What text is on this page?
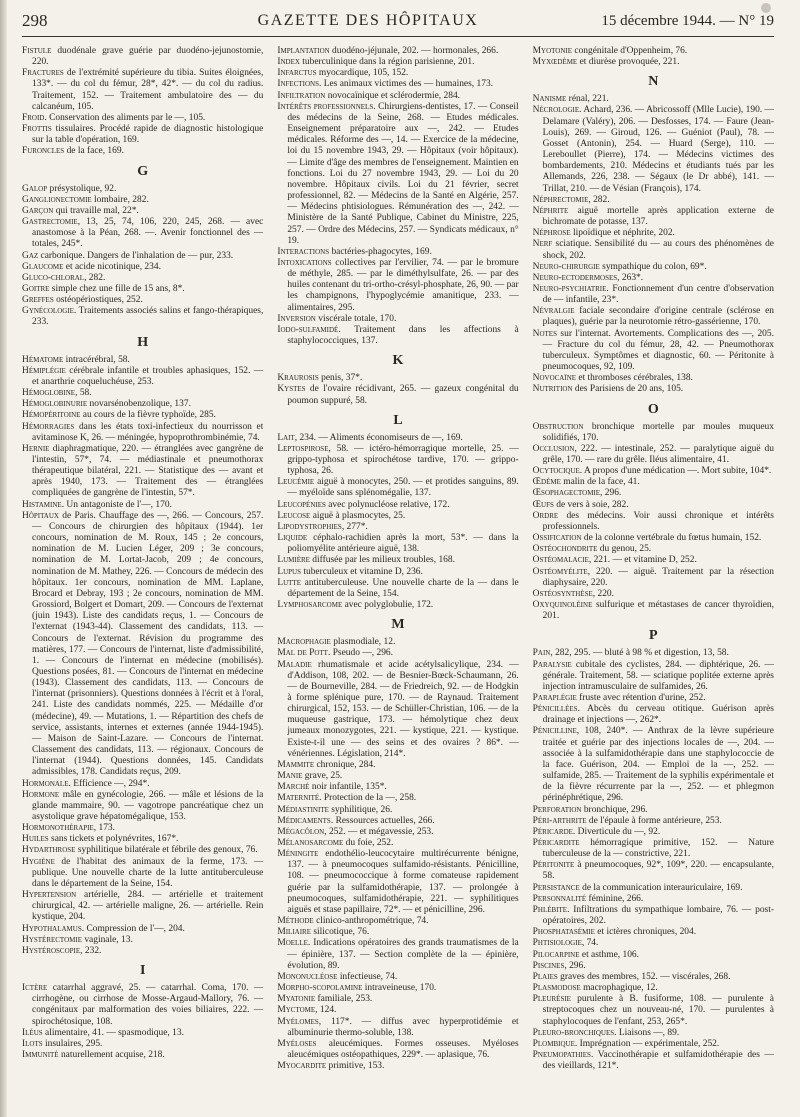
298	GAZETTE DES HÔPITAUX	15 décembre 1944. — N° 19

Fistule duodénale grave guérie par duodéno-jejunostomie, 220.

Fractures de l'extrémité supérieure du tibia. Suites éloignées, 133*. — du col du fémur, 28*, 42*. — du col du radius. Traitement, 152. — Traitement ambulatoire des — du calcanéum, 105.

Froid. Conservation des aliments par le —, 105.

Frottis tissulaires. Procédé rapide de diagnostic histologique sur la table d'opération, 169.

Furoncles de la face, 169.

G

Galop présystolique, 92.

Ganglionectomie lombaire, 282.

Garçon qui travaille mal, 22*.

Gastrectomie, 13, 25, 74, 106, 220, 245, 268. — avec anastomose à la Péan, 268. —. Avenir fonctionnel des — totales, 245*.

Gaz carbonique. Dangers de l'inhalation de — pur, 233.

Glaucome et acide nicotinique, 234.

Gluco-chloral, 282.

Goitre simple chez une fille de 15 ans, 8*.

Greffes ostéopériostiques, 252.

Gynécologie. Traitements associés salins et fango-thérapiques, 233.

H

Hématome intracérébral, 58.

Hémiplégie cérébrale infantile et troubles aphasiques, 152. — et anarthrie coqueluchéuse, 253.

Hémoglobine, 58.

Hémoglobinurie novarsénobenzolique, 137.

Hémopéritoine au cours de la fièvre typhoïde, 285.

Hémorragies dans les états toxi-infectieux du nourrisson et avitaminose K, 26. — méningée, hypoprothrombinémie, 74.

Hernie diaphragmatique, 220. — étranglées avec gangrène de l'intestin, 57*, 74. — médiastinale et pneumothorax thérapeutique bilatéral, 221. — Statistique des — avant et après 1940, 173. — Traitement des — étranglées compliquées de gangrène de l'intestin, 57*.

Histamine. Un antagoniste de l'—, 170.

Hôpitaux de Paris. Chauffage des —, 266. — Concours, 257. — Concours de chirurgien des hôpitaux (1944). 1er concours, nomination de M. Roux, 145 ; 2e concours, nomination de M. Lucien Léger, 209 ; 3e concours, nomination de M. Lortat-Jacob, 209 ; 4e concours, nomination de M. Mathey, 226. — Concours de médecin des hôpitaux. 1er concours, nomination de MM. Laplane, Brocard et Debray, 193 ; 2e concours, nomination de MM. Grossiord, Bolgert et Domart, 209. — Concours de l'externat (juin 1943). Liste des candidats reçus, 1. — Concours de l'externat (1943-44). Classement des candidats, 113. — Concours de l'externat. Révision du programme des matières, 177. — Concours de l'internat, liste d'admissibilité, 1. — Concours de l'internat en médecine (mobilisés). Questions posées, 81. — Concours de l'internat en médecine (1943). Classement des candidats, 113. — Concours de l'internat (prisonniers). Questions données à l'écrit et à l'oral, 241. Liste des candidats nommés, 225. — Médaille d'or (médecine), 49. — Mutations, 1. — Répartition des chefs de service, assistants, internes et externes (année 1944-1945). — Maison de Saint-Lazare. — Concours de l'internat. Classement des candidats, 113. — régionaux. Concours de l'internat (1944). Questions données, 145. Candidats admissibles, 178. Candidats reçus, 209.

Hormonale. Efficience —, 294*.

Hormone mâle en gynécologie, 266. — mâle et lésions de la glande mammaire, 90. — vagotrope pancréatique chez un asystolique grave hépatomégalique, 153.

Hormonothérapie, 173.

Huiles sans tickets et polynévrites, 167*.

Hydarthrose syphilitique bilatérale et fébrile des genoux, 76.

Hygiène de l'habitat des animaux de la ferme, 173. — publique. Une nouvelle charte de la lutte antituberculeuse dans le département de la Seine, 154.

Hypertension artérielle, 284. — artérielle et traitement chirurgical, 42. — artérielle maligne, 26. — artérielle. Rein kystique, 204.

Hypothalamus. Compression de l'—, 204.

Hystérectomie vaginale, 13.

Hystéroscopie, 232.

I

Ictère catarrhal aggravé, 25. — catarrhal. Coma, 170. — cirrhogène, ou cirrhose de Mosse-Argaud-Mallory, 76. — congénitaux par malformation des voies biliaires, 222. — spirochétosique, 108.

Iléus alimentaire, 41. — spasmodique, 13.

Ilots insulaires, 295.

Immunité naturellement acquise, 218.

Implantation duodéno-jéjunale, 202. — hormonales, 266.

Index tuberculinique dans la région parisienne, 201.

Infarctus myocardique, 105, 152.

Infections. Les animaux victimes des — humaines, 173.

Infiltration novocaïnique et sclérodermie, 284.

Intérêts professionnels. Chirurgiens-dentistes, 17. — Conseil des médecins de la Seine, 268. — Etudes médicales. Enseignement préparatoire aux —, 242. — Etudes médicales. Réforme des —, 14. — Exercice de la médecine, loi du 15 novembre 1943, 29. — Hôpitaux (voir hôpitaux). — Limite d'âge des membres de l'enseignement. Maintien en fonctions. Loi du 27 novembre 1943, 29. — Loi du 20 novembre. Hôpitaux civils. Loi du 21 février, secret professionnel, 82. — Médecins de la Santé en Algérie, 257. — Médecins phtisiologues. Rémunération des —, 242. — Ministère de la Santé Publique, Cabinet du Ministre, 225, 257. — Ordre des Médecins, 257. — Syndicats médicaux, n° 19.

Interactions bactéries-phagocytes, 169.

Intoxications collectives par l'ervilier, 74. — par le bromure de méthyle, 285. — par le diméthylsulfate, 26. — par des huiles contenant du tri-ortho-crésyl-phosphate, 26, 90. — par les champignons, l'hypoglycémie amanitique, 233. — alimentaires, 295.

Inversion viscérale totale, 170.

Iodo-sulfamidé. Traitement dans les affections à staphylococciques, 137.

K

Kraurosis penis, 37*.

Kystes de l'ovaire récidivant, 265. — gazeux congénital du poumon suppuré, 58.

L

Lait, 234. — Aliments économiseurs de —, 169.

Leptospirose, 58. — ictéro-hémorragique mortelle, 25. — grippo-typhosa et spirochétose tardive, 170. — grippo-typhosa, 26.

Leucémie aiguë à monocytes, 250. — et protides sanguins, 89. — myéloïde sans splénomégalie, 137.

Leucopénies avec polynucléose relative, 172.

Leucose aiguë à plasmocytes, 25.

Lipodystrophies, 277*.

Liquide céphalo-rachidien après la mort, 53*. — dans la poliomyélite antérieure aiguë, 138.

Lumière diffusée par les milieux troubles, 168.

Lupus tuberculeux et vitamine D, 236.

Lutte antituberculeuse. Une nouvelle charte de la — dans le département de la Seine, 154.

Lymphosarcome avec polyglobulie, 172.

M

Macrophagie plasmodiale, 12.

Mal de Pott. Pseudo —, 296.

Maladie rhumatismale et acide acétylsalicylique, 234. — d'Addison, 108, 202. — de Besnier-Bœck-Schaumann, 26. — de Bourneville, 284. — de Friedreich, 92. — de Hodgkin à forme splénique pure, 170. — de Raynaud. Traitement chirurgical, 152, 153. — de Schüller-Christian, 106. — de la muqueuse gastrique, 173. — hémolytique chez deux jumeaux monozygotes, 221. — kystique, 221. — kystique. Existe-t-il une — des seins et des ovaires ? 86*. — vénériennes. Législation, 214*.

Mammite chronique, 284.

Manie grave, 25.

Marché noir infantile, 135*.

Maternité. Protection de la —, 258.

Médiastinite syphilitique, 26.

Médicaments. Ressources actuelles, 266.

Mégacôlon, 252. — et mégavessie, 253.

Mélanosarcome du foie, 252.

Méningite endothélio-leucocytaire multirécurrente bénigne, 137. — à pneumocoques sulfamido-résistants. Pénicilline, 108. — pneumococcique à forme comateuse rapidement guérie par la sulfamidothérapie, 137. — prolongée à pneumocoques, sulfamidothérapie, 221. — syphilitiques aiguës et stase papillaire, 72*. — et pénicilline, 296.

Méthode clinico-anthropométrique, 74.

Miliaire silicotique, 76.

Moelle. Indications opératoires des grands traumatismes de la — épinière, 137. — Section complète de la — épinière, évolution, 89.

Mononucléose infectieuse, 74.

Morpho-scopolamine intraveineuse, 170.

Myatonie familiale, 253.

Myctome, 124.

Myélomes, 117*. — diffus avec hyperprotidémie et albuminurie thermo-soluble, 138.

Myéloses aleucémiques. Formes osseuses. Myéloses aleucémiques ostéopathiques, 229*. — aplasique, 76.

Myocardite primitive, 153.

Myotonie congénitale d'Oppenheim, 76.

Myxœdème et diurèse provoquée, 221.

N

Nanisme rénal, 221.

Nécrologie. Achard, 236. — Abricossoff (Mlle Lucie), 190. — Delamare (Valéry), 206. — Desfosses, 174. — Faure (Jean-Louis), 269. — Giroud, 126. — Guéniot (Paul), 78. — Gosset (Antonin), 254. — Huard (Serge), 110. — Lereboullet (Pierre), 174. — Médecins victimes des bombardements, 210. Médecins et étudiants tués par les Allemands, 226, 238. — Ségaux (le Dr abbé), 141. — Trillat, 210. — de Vésian (François), 174.

Néphrectomie, 282.

Néphrite aiguë mortelle après application externe de bichromate de potasse, 137.

Néphrose lipoïdique et néphrite, 202.

Nerf sciatique. Sensibilité du — au cours des phénomènes de shock, 202.

Neuro-chirurgie sympathique du colon, 69*.

Neuro-ectodermoses, 263*.

Neuro-psychiatrie. Fonctionnement d'un centre d'observation de — infantile, 23*.

Névralgie faciale secondaire d'origine centrale (sclérose en plaques), guérie par la neurotomie rétro-gassérienne, 170.

Notes sur l'internat. Avortements. Complications des —, 205. — Fracture du col du fémur, 28, 42. — Pneumothorax tuberculeux. Symptômes et diagnostic, 60. — Péritonite à pneumocoques, 92, 109.

Novocaïne et thromboses cérébrales, 138.

Nutrition des Parisiens de 20 ans, 105.

O

Obstruction bronchique mortelle par moules muqueux solidifiés, 170.

Occlusion, 222. — intestinale, 252. — paralytique aiguë du grêle, 170. — rare du grêle. Iléus alimentaire, 41.

Ocytocique. A propos d'une médication —. Mort subite, 104*.

Œdème malin de la face, 41.

Œsophagectomie, 296.

Œufs de vers à soie, 282.

Ordre des médecins. Voir aussi chronique et intérêts professionnels.

Ossification de la colonne vertébrale du fœtus humain, 152.

Ostéochondrite du genou, 25.

Ostéomalacie, 221. — et vitamine D, 252.

Ostéomyélite, 220. — aiguë. Traitement par la résection diaphysaire, 220.

Ostéosynthèse, 220.

Oxyquinoléine sulfurique et métastases de cancer thyroïdien, 201.

P

Pain, 282, 295. — bluté à 98 % et digestion, 13, 58.

Paralysie cubitale des cyclistes, 284. — diphtérique, 26. — générale. Traitement, 58. — sciatique poplitée externe après injection intramusculaire de sulfamides, 26.

Paraplégie fruste avec rétention d'urine, 252.

Pénicillées. Abcès du cerveau otitique. Guérison après drainage et injections —, 262*.

Pénicilline, 108, 240*. — Anthrax de la lèvre supérieure traitée et guérie par des injections locales de —, 204. — associée à la sulfamidothérapie dans une staphylococcie de la face. Guérison, 204. — Emploi de la —, 252. —sulfamide, 285. — Traitement de la syphilis expérimentale et de la fièvre récurrente par la —, 252. — et phlegmon périnéphrétique, 296.

Perforation bronchique, 296.

Péri-arthrite de l'épaule à forme antérieure, 253.

Péricarde. Diverticule du —, 92.

Péricardite hémorragique primitive, 152. — Nature tuberculeuse de la — constrictive, 221.

Péritonite à pneumocoques, 92*, 109*, 220. — encapsulante, 58.

Persistance de la communication interauriculaire, 169.

Personnalité féminine, 266.

Phlébite. Infiltrations du sympathique lombaire, 76. — post-opératoires, 202.

Phosphatasémie et ictères chroniques, 204.

Phtisiologie, 74.

Pilocarpine et asthme, 106.

Piscines, 296.

Plaies graves des membres, 152. — viscérales, 268.

Plasmodose macrophagique, 12.

Pleurésie purulente à B. fusiforme, 108. — purulente à streptocoques chez un nouveau-né, 170. — purulentes à staphylocoques de l'enfant, 253, 265*.

Pleuro-bronchiques. Liaisons —, 89.

Plombique. Imprégnation — expérimentale, 252.

Pneumopathies. Vaccinothérapie et sulfamidothérapie des — des vieillards, 121*.
